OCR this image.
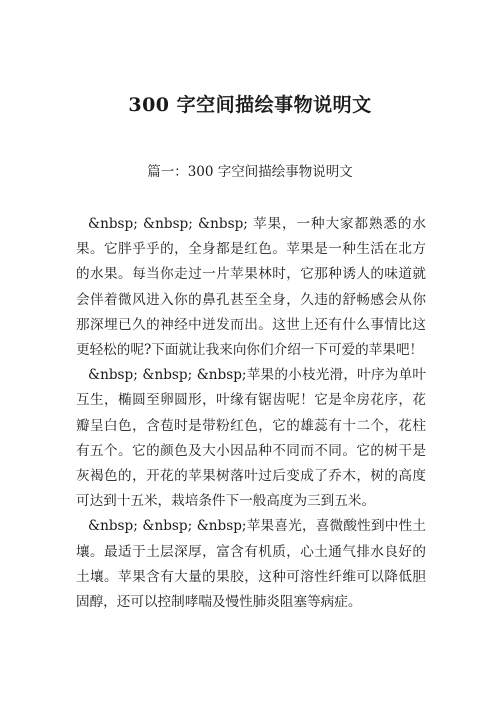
300 字空间描绘事物说明文
篇一：300 字空间描绘事物说明文

&nbsp; &nbsp; &nbsp; 苹果，一种大家都熟悉的水果。它胖乎乎的，全身都是红色。苹果是一种生活在北方的水果。每当你走过一片苹果林时，它那种诱人的味道就会伴着微风进入你的鼻孔甚至全身，久违的舒畅感会从你那深埋已久的神经中迸发而出。这世上还有什么事情比这更轻松的呢?下面就让我来向你们介绍一下可爱的苹果吧！

&nbsp; &nbsp; &nbsp;苹果的小枝光滑，叶序为单叶互生，椭圆至卵圆形，叶缘有锯齿呢！它是伞房花序，花瓣呈白色，含苞时是带粉红色，它的雄蕊有十二个，花柱有五个。它的颜色及大小因品种不同而不同。它的树干是灰褐色的，开花的苹果树落叶过后变成了乔木，树的高度可达到十五米，栽培条件下一般高度为三到五米。

&nbsp; &nbsp; &nbsp;苹果喜光，喜微酸性到中性土壤。最适于土层深厚，富含有机质，心土通气排水良好的土壤。苹果含有大量的果胶，这种可溶性纤维可以降低胆固醇，还可以控制哮喘及慢性肺炎阻塞等病症。
